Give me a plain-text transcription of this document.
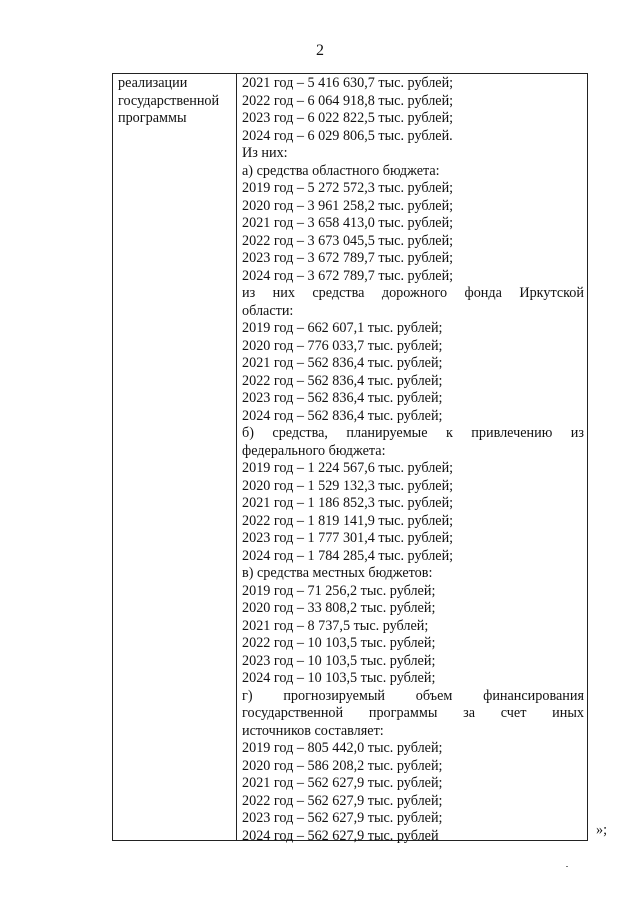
2
реализации
государственной
программы
2021 год – 5 416 630,7 тыс. рублей;
2022 год – 6 064 918,8 тыс. рублей;
2023 год – 6 022 822,5 тыс. рублей;
2024 год – 6 029 806,5 тыс. рублей.
Из них:
а) средства областного бюджета:
2019 год – 5 272 572,3 тыс. рублей;
2020 год – 3 961 258,2 тыс. рублей;
2021 год – 3 658 413,0 тыс. рублей;
2022 год – 3 673 045,5 тыс. рублей;
2023 год – 3 672 789,7 тыс. рублей;
2024 год – 3 672 789,7 тыс. рублей;
из них средства дорожного фонда Иркутской
области:
2019 год – 662 607,1 тыс. рублей;
2020 год – 776 033,7 тыс. рублей;
2021 год – 562 836,4 тыс. рублей;
2022 год – 562 836,4 тыс. рублей;
2023 год – 562 836,4 тыс. рублей;
2024 год – 562 836,4 тыс. рублей;
б) средства, планируемые к привлечению из
федерального бюджета:
2019 год – 1 224 567,6 тыс. рублей;
2020 год – 1 529 132,3 тыс. рублей;
2021 год – 1 186 852,3 тыс. рублей;
2022 год – 1 819 141,9 тыс. рублей;
2023 год – 1 777 301,4 тыс. рублей;
2024 год – 1 784 285,4 тыс. рублей;
в) средства местных бюджетов:
2019 год – 71 256,2 тыс. рублей;
2020 год – 33 808,2 тыс. рублей;
2021 год – 8 737,5 тыс. рублей;
2022 год – 10 103,5 тыс. рублей;
2023 год – 10 103,5 тыс. рублей;
2024 год – 10 103,5 тыс. рублей;
г) прогнозируемый объем финансирования
государственной программы за счет иных
источников составляет:
2019 год – 805 442,0 тыс. рублей;
2020 год – 586 208,2 тыс. рублей;
2021 год – 562 627,9 тыс. рублей;
2022 год – 562 627,9 тыс. рублей;
2023 год – 562 627,9 тыс. рублей;
2024 год – 562 627,9 тыс. рублей	»;
